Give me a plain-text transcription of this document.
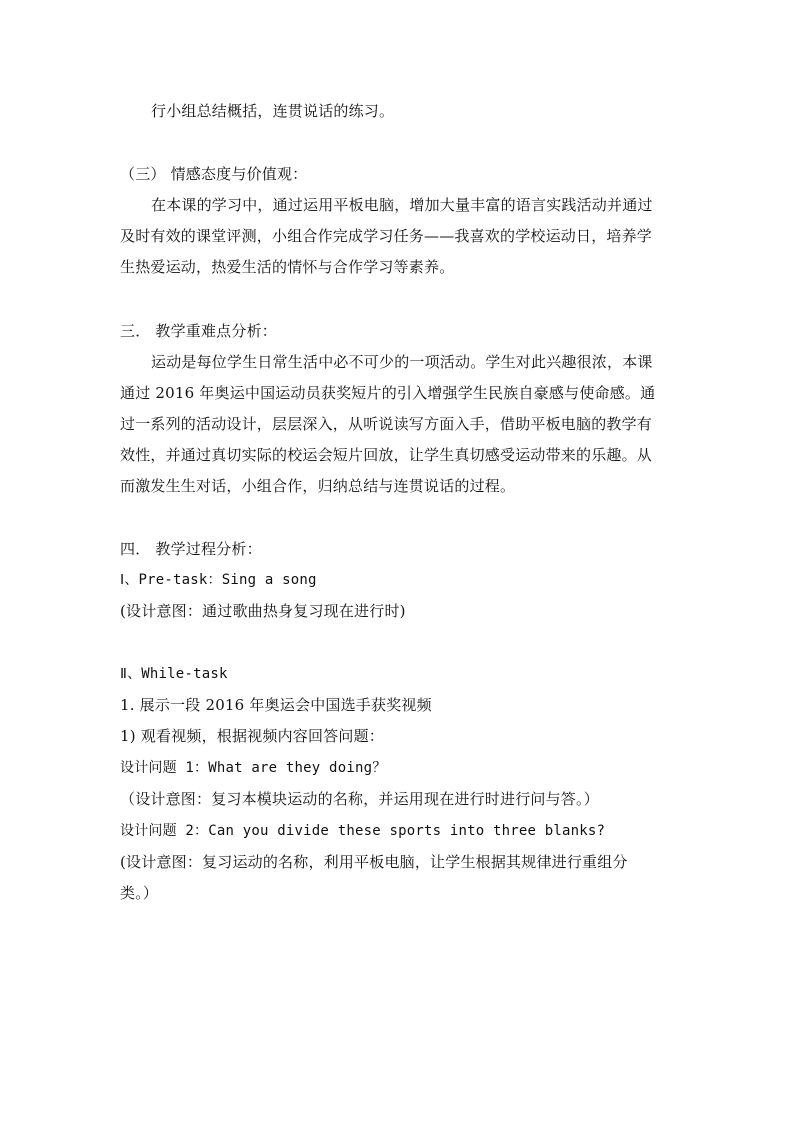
行小组总结概括，连贯说话的练习。
（三） 情感态度与价值观：
在本课的学习中，通过运用平板电脑，增加大量丰富的语言实践活动并通过
及时有效的课堂评测，小组合作完成学习任务——我喜欢的学校运动日，培养学
生热爱运动，热爱生活的情怀与合作学习等素养。
三． 教学重难点分析：
运动是每位学生日常生活中必不可少的一项活动。学生对此兴趣很浓，本课
通过 2016 年奥运中国运动员获奖短片的引入增强学生民族自豪感与使命感。通
过一系列的活动设计，层层深入，从听说读写方面入手，借助平板电脑的教学有
效性，并通过真切实际的校运会短片回放，让学生真切感受运动带来的乐趣。从
而激发生生对话，小组合作，归纳总结与连贯说话的过程。
四． 教学过程分析：
Ⅰ、Pre-task：Sing a song
(设计意图：通过歌曲热身复习现在进行时)
Ⅱ、While-task
1. 展示一段 2016 年奥运会中国选手获奖视频
1) 观看视频，根据视频内容回答问题：
设计问题 1：What are they doing？
（设计意图：复习本模块运动的名称，并运用现在进行时进行问与答。）
设计问题 2：Can you divide these sports into three blanks?
(设计意图：复习运动的名称，利用平板电脑，让学生根据其规律进行重组分
类。）
